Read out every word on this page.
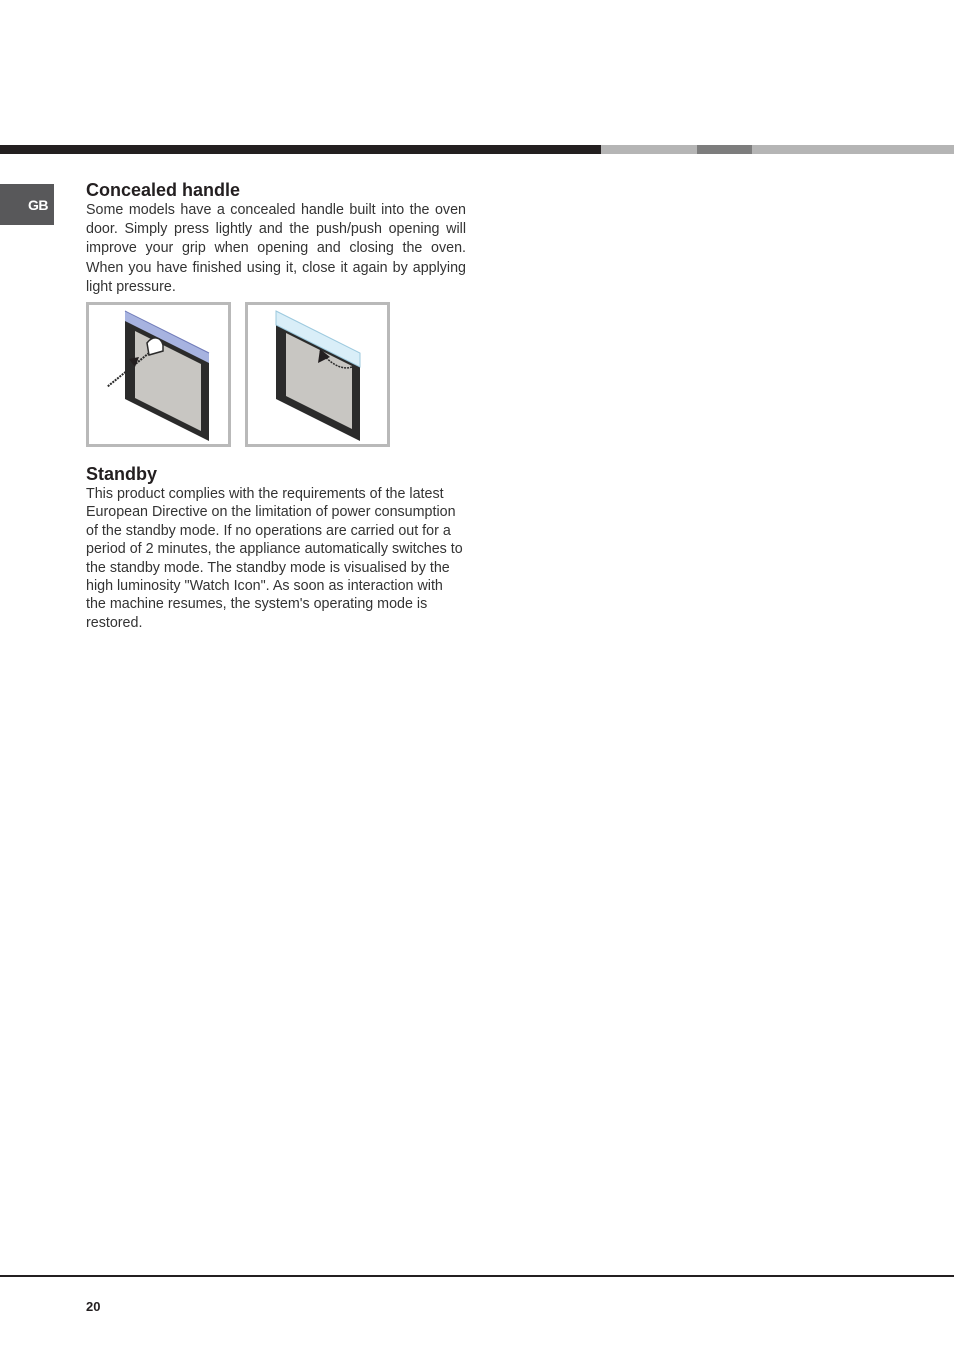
GB
Concealed handle

Some models have a concealed handle built into the oven door. Simply press lightly and the push/push opening will improve your grip when opening and closing the oven. When you have finished using it, close it again by applying light pressure.

Standby

This product complies with the requirements of the latest European Directive on the limitation of power consumption of the standby mode. If no operations are carried out for a period of 2 minutes, the appliance automatically switches to the standby mode. The standby mode is visualised by the high luminosity "Watch Icon". As soon as interaction with the machine resumes, the system's operating mode is restored.

20
